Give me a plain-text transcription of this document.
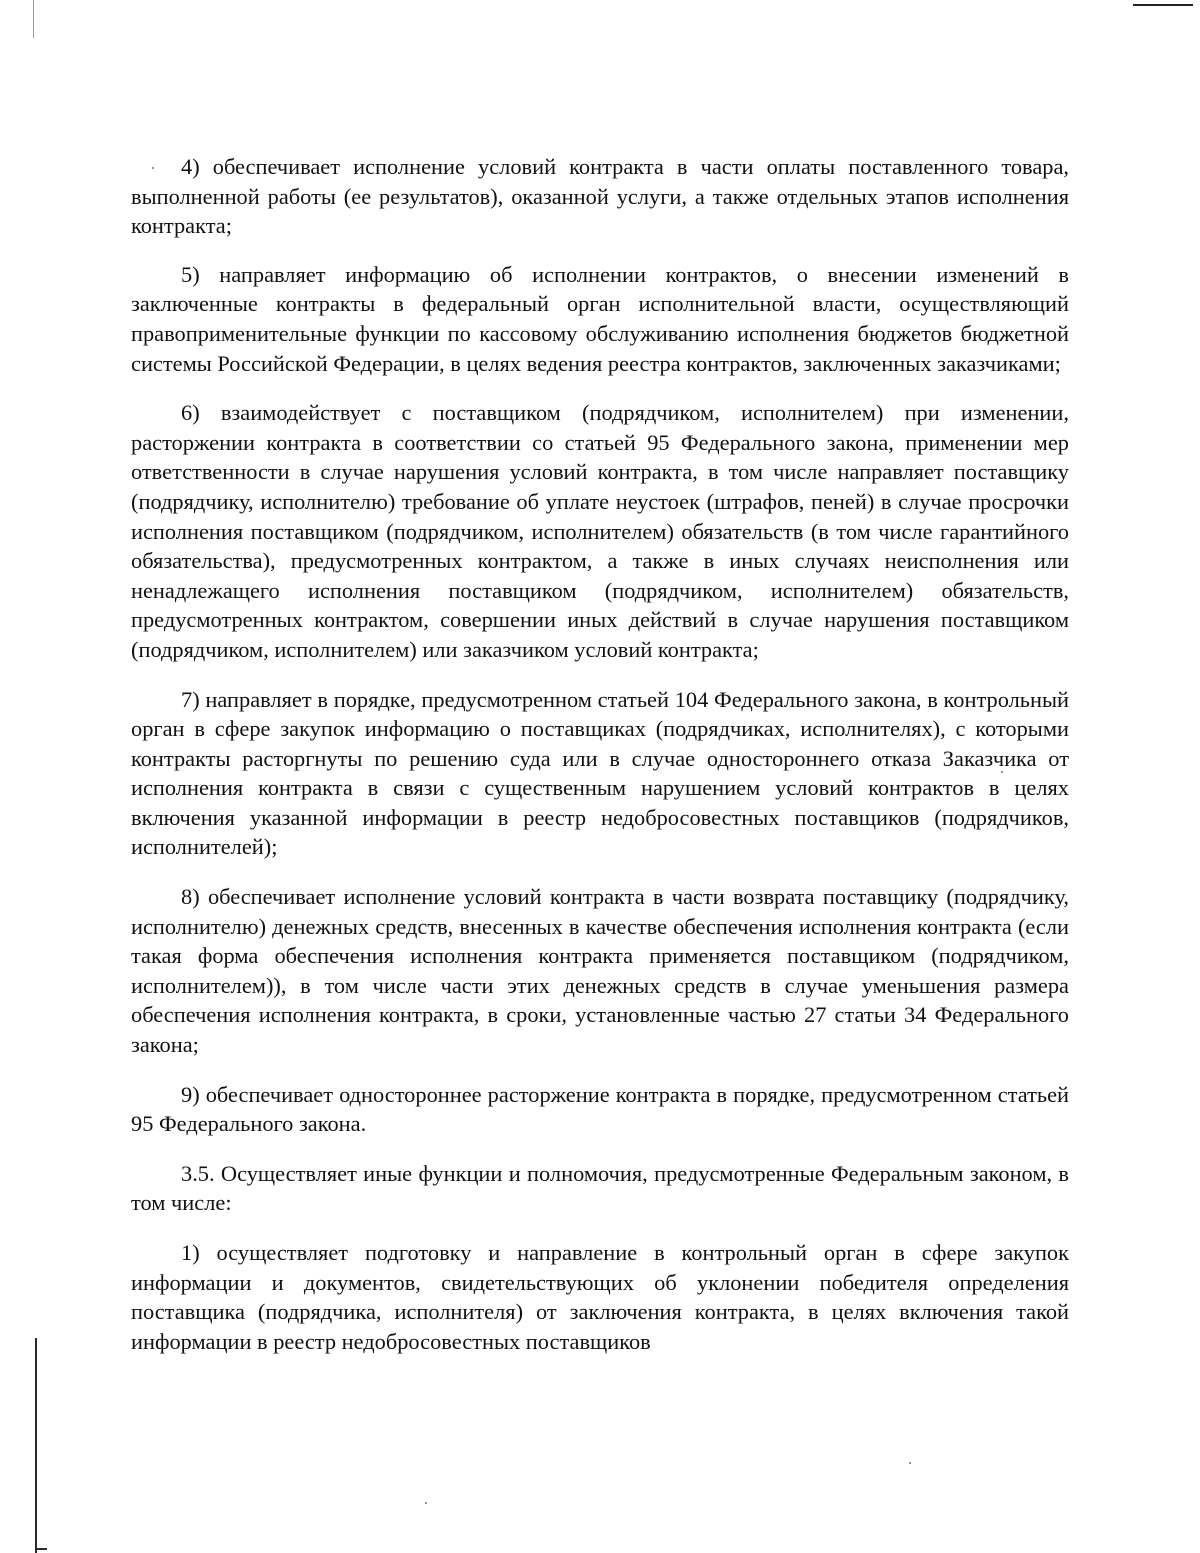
4) обеспечивает исполнение условий контракта в части оплаты поставленного товара, выполненной работы (ее результатов), оказанной услуги, а также отдельных этапов исполнения контракта;

5) направляет информацию об исполнении контрактов, о внесении изменений в заключенные контракты в федеральный орган исполнительной власти, осуществляющий правоприменительные функции по кассовому обслуживанию исполнения бюджетов бюджетной системы Российской Федерации, в целях ведения реестра контрактов, заключенных заказчиками;

6) взаимодействует с поставщиком (подрядчиком, исполнителем) при изменении, расторжении контракта в соответствии со статьей 95 Федерального закона, применении мер ответственности в случае нарушения условий контракта, в том числе направляет поставщику (подрядчику, исполнителю) требование об уплате неустоек (штрафов, пеней) в случае просрочки исполнения поставщиком (подрядчиком, исполнителем) обязательств (в том числе гарантийного обязательства), предусмотренных контрактом, а также в иных случаях неисполнения или ненадлежащего исполнения поставщиком (подрядчиком, исполнителем) обязательств, предусмотренных контрактом, совершении иных действий в случае нарушения поставщиком (подрядчиком, исполнителем) или заказчиком условий контракта;

7) направляет в порядке, предусмотренном статьей 104 Федерального закона, в контрольный орган в сфере закупок информацию о поставщиках (подрядчиках, исполнителях), с которыми контракты расторгнуты по решению суда или в случае одностороннего отказа Заказчика от исполнения контракта в связи с существенным нарушением условий контрактов в целях включения указанной информации в реестр недобросовестных поставщиков (подрядчиков, исполнителей);

8) обеспечивает исполнение условий контракта в части возврата поставщику (подрядчику, исполнителю) денежных средств, внесенных в качестве обеспечения исполнения контракта (если такая форма обеспечения исполнения контракта применяется поставщиком (подрядчиком, исполнителем)), в том числе части этих денежных средств в случае уменьшения размера обеспечения исполнения контракта, в сроки, установленные частью 27 статьи 34 Федерального закона;

9) обеспечивает одностороннее расторжение контракта в порядке, предусмотренном статьей 95 Федерального закона.

3.5. Осуществляет иные функции и полномочия, предусмотренные Федеральным законом, в том числе:

1) осуществляет подготовку и направление в контрольный орган в сфере закупок информации и документов, свидетельствующих об уклонении победителя определения поставщика (подрядчика, исполнителя) от заключения контракта, в целях включения такой информации в реестр недобросовестных поставщиков
